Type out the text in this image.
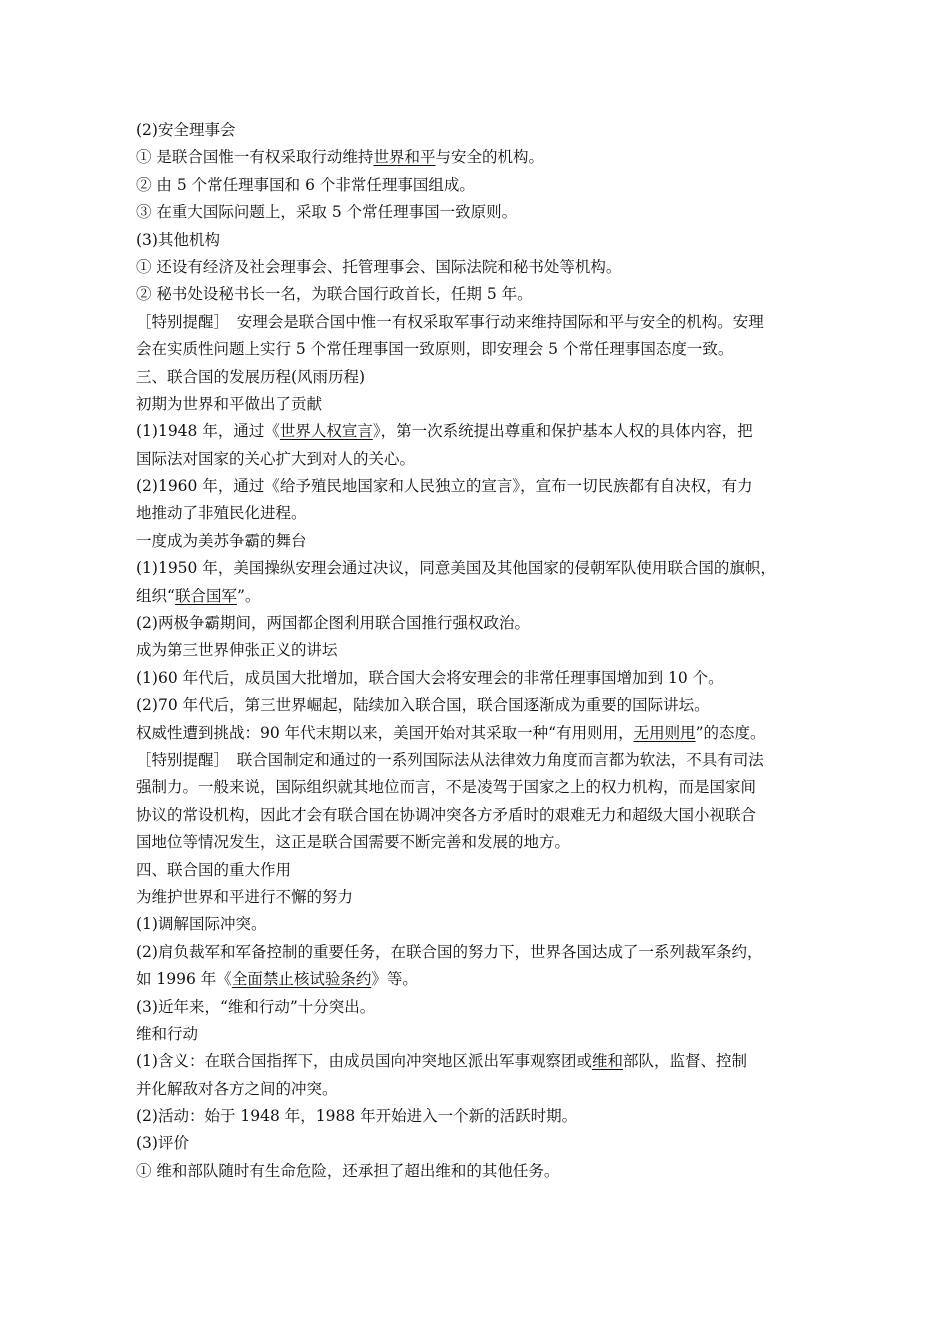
(2)安全理事会
① 是联合国惟一有权采取行动维持世界和平与安全的机构。
② 由 5 个常任理事国和 6 个非常任理事国组成。
③ 在重大国际问题上，采取 5 个常任理事国一致原则。
(3)其他机构
① 还设有经济及社会理事会、托管理事会、国际法院和秘书处等机构。
② 秘书处设秘书长一名，为联合国行政首长，任期 5 年。
［特别提醒］　安理会是联合国中惟一有权采取军事行动来维持国际和平与安全的机构。安理
会在实质性问题上实行 5 个常任理事国一致原则，即安理会 5 个常任理事国态度一致。
三、联合国的发展历程(风雨历程)
初期为世界和平做出了贡献
(1)1948 年，通过《世界人权宣言》，第一次系统提出尊重和保护基本人权的具体内容，把
国际法对国家的关心扩大到对人的关心。
(2)1960 年，通过《给予殖民地国家和人民独立的宣言》，宣布一切民族都有自决权，有力
地推动了非殖民化进程。
一度成为美苏争霸的舞台
(1)1950 年，美国操纵安理会通过决议，同意美国及其他国家的侵朝军队使用联合国的旗帜，
组织“联合国军”。
(2)两极争霸期间，两国都企图利用联合国推行强权政治。
成为第三世界伸张正义的讲坛
(1)60 年代后，成员国大批增加，联合国大会将安理会的非常任理事国增加到 10 个。
(2)70 年代后，第三世界崛起，陆续加入联合国，联合国逐渐成为重要的国际讲坛。
权威性遭到挑战：90 年代末期以来，美国开始对其采取一种“有用则用，无用则甩”的态度。
［特别提醒］　联合国制定和通过的一系列国际法从法律效力角度而言都为软法，不具有司法
强制力。一般来说，国际组织就其地位而言，不是凌驾于国家之上的权力机构，而是国家间
协议的常设机构，因此才会有联合国在协调冲突各方矛盾时的艰难无力和超级大国小视联合
国地位等情况发生，这正是联合国需要不断完善和发展的地方。
四、联合国的重大作用
为维护世界和平进行不懈的努力
(1)调解国际冲突。
(2)肩负裁军和军备控制的重要任务，在联合国的努力下，世界各国达成了一系列裁军条约，
如 1996 年《全面禁止核试验条约》等。
(3)近年来，“维和行动”十分突出。
维和行动
(1)含义：在联合国指挥下，由成员国向冲突地区派出军事观察团或维和部队，监督、控制
并化解敌对各方之间的冲突。
(2)活动：始于 1948 年，1988 年开始进入一个新的活跃时期。
(3)评价
① 维和部队随时有生命危险，还承担了超出维和的其他任务。
